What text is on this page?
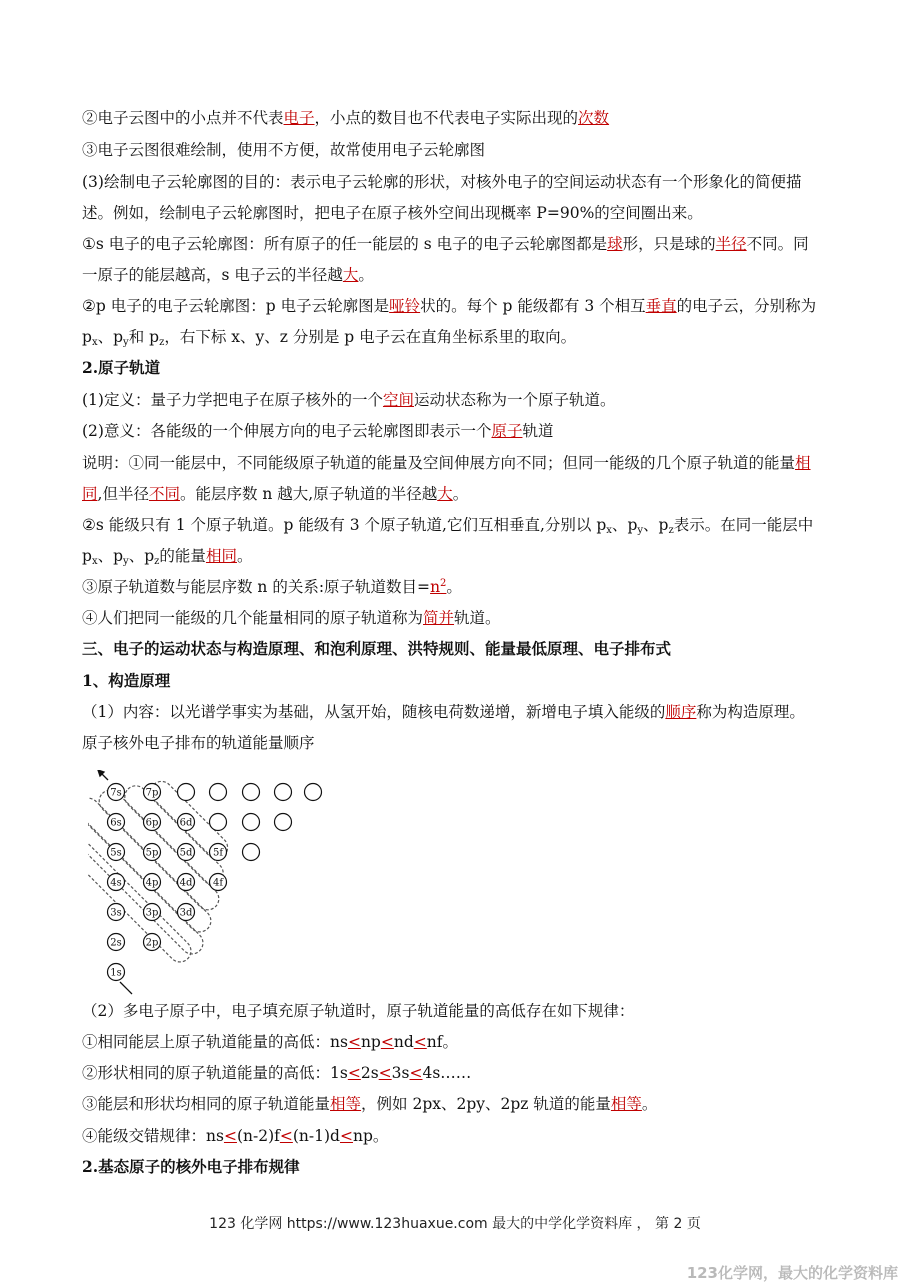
②电子云图中的小点并不代表电子，小点的数目也不代表电子实际出现的次数
③电子云图很难绘制，使用不方便，故常使用电子云轮廓图
(3)绘制电子云轮廓图的目的：表示电子云轮廓的形状，对核外电子的空间运动状态有一个形象化的简便描
述。例如，绘制电子云轮廓图时，把电子在原子核外空间出现概率 P=90%的空间圈出来。
①s 电子的电子云轮廓图：所有原子的任一能层的 s 电子的电子云轮廓图都是球形，只是球的半径不同。同
一原子的能层越高，s 电子云的半径越大。
②p 电子的电子云轮廓图：p 电子云轮廓图是哑铃状的。每个 p 能级都有 3 个相互垂直的电子云，分别称为
$p_x$、$p_y$和 $p_z$，右下标 x、y、z 分别是 p 电子云在直角坐标系里的取向。
2.原子轨道
(1)定义：量子力学把电子在原子核外的一个空间运动状态称为一个原子轨道。
(2)意义：各能级的一个伸展方向的电子云轮廓图即表示一个原子轨道
说明：①同一能层中，不同能级原子轨道的能量及空间伸展方向不同；但同一能级的几个原子轨道的能量相
同,但半径不同。能层序数 n 越大,原子轨道的半径越大。
②s 能级只有 1 个原子轨道。p 能级有 3 个原子轨道,它们互相垂直,分别以 $p_x$、$p_y$、$p_z$表示。在同一能层中
$p_x$、$p_y$、$p_z$的能量相同。
③原子轨道数与能层序数 n 的关系:原子轨道数目$=n^2$。
④人们把同一能级的几个能量相同的原子轨道称为简并轨道。
三、电子的运动状态与构造原理、和泡利原理、洪特规则、能量最低原理、电子排布式
1、构造原理
（1）内容：以光谱学事实为基础，从氢开始，随核电荷数递增，新增电子填入能级的顺序称为构造原理。
原子核外电子排布的轨道能量顺序
7s 7p
6s 6p 6d
5s 5p 5d 5f
4s 4p 4d 4f
3s 3p 3d
2s 2p
1s
（2）多电子原子中，电子填充原子轨道时，原子轨道能量的高低存在如下规律：
①相同能层上原子轨道能量的高低：ns<np<nd<nf。
②形状相同的原子轨道能量的高低：1s<2s<3s<4s……
③能层和形状均相同的原子轨道能量相等，例如 2px、2py、2pz 轨道的能量相等。
④能级交错规律：ns<(n-2)f<(n-1)d<np。
2.基态原子的核外电子排布规律
123 化学网 https://www.123huaxue.com 最大的中学化学资料库 ， 第 2 页
123化学网，最大的化学资料库
